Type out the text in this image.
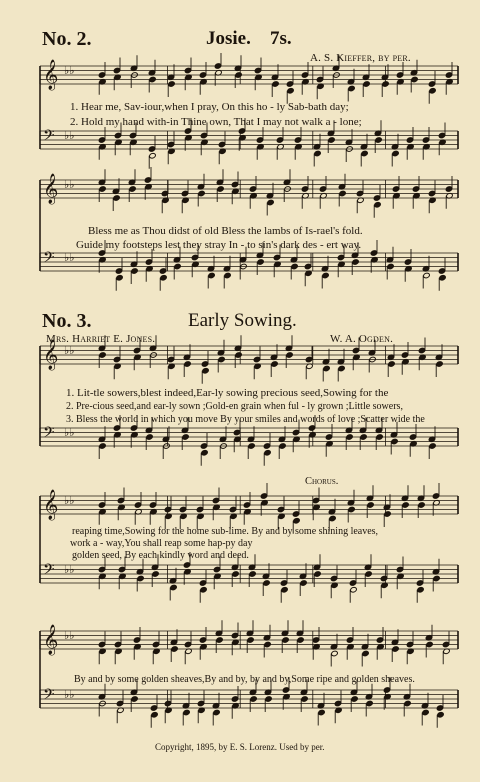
𝄞 ♭♭
𝄢 ♭♭
𝄞 ♭♭
𝄢 ♭♭
𝄞 ♭♭
𝄢 ♭♭
𝄞 ♭♭
𝄢 ♭♭
𝄞 ♭♭
𝄢 ♭♭
No. 2.	Josie. 7s.
A. S. Kieffer, by per.
1. Hear me, Sav-iour,when I pray, On this ho - ly Sab-bath day;
2. Hold my hand with-in Thine own, That I may not walk a - lone;
Bless me as Thou didst of old Bless the lambs of Is-rael's fold.
Guide my footsteps lest they stray In - to sin's dark des - ert way.
No. 3.	Early Sowing.
Mrs. Harriet E. Jones.	W. A. Ogden.
1. Lit-tle sowers,blest indeed,Ear-ly sowing precious seed,Sowing for the
2. Pre-cious seed,and ear-ly sown ;Gold-en grain when ful - ly grown ;Little sowers,
3. Bless the world in which you move By your smiles and words of love ;Scatter wide the
Chorus.
reaping time,Sowing for the home sub-lime. By and by some shining leaves,
work a - way,You shall reap some hap-py day
golden seed, By each kindly word and deed.
By and by some golden sheaves,By and by, by and by,Some ripe and golden sheaves.
Copyright, 1895, by E. S. Lorenz. Used by per.
